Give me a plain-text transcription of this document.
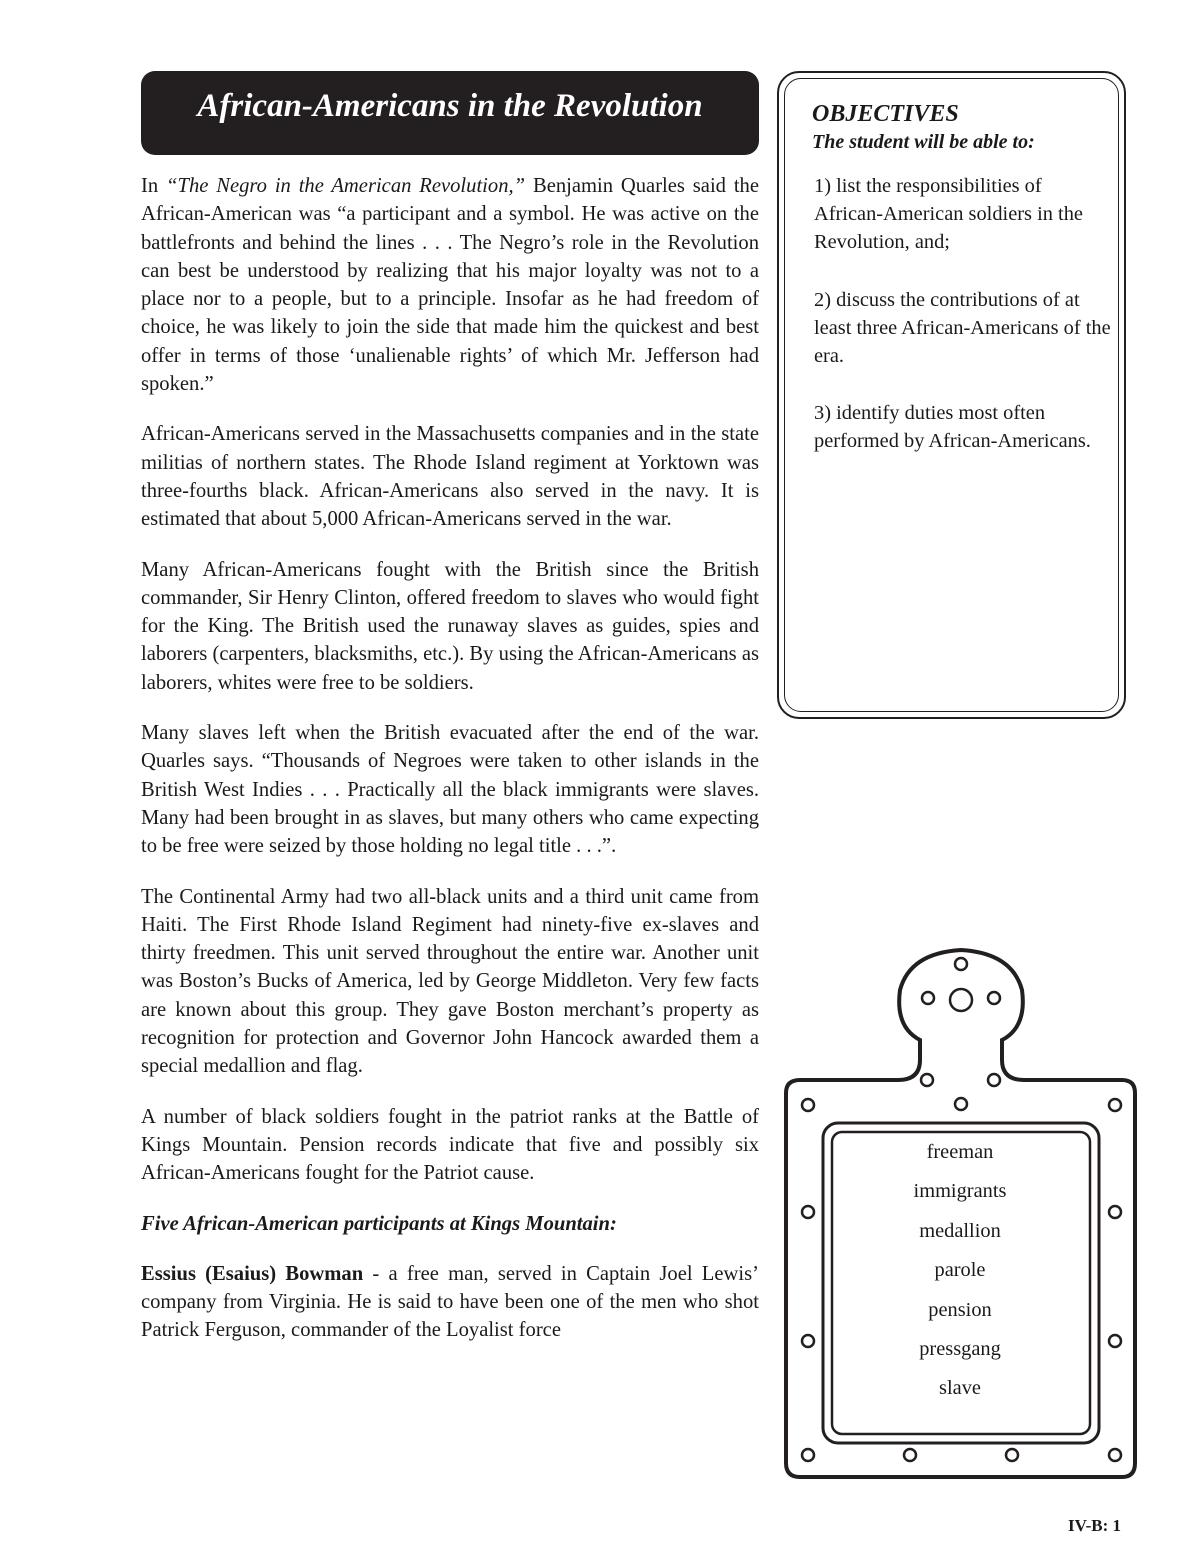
African-Americans in the Revolution

In “The Negro in the American Revolution,” Benjamin Quarles said the African-American was “a participant and a symbol. He was active on the battlefronts and behind the lines . . . The Negro’s role in the Revolution can best be understood by realizing that his major loyalty was not to a place nor to a people, but to a principle. Insofar as he had freedom of choice, he was likely to join the side that made him the quickest and best offer in terms of those ‘unalienable rights’ of which Mr. Jefferson had spoken.”

African-Americans served in the Massachusetts companies and in the state militias of northern states. The Rhode Island regiment at Yorktown was three-fourths black. African-Americans also served in the navy. It is estimated that about 5,000 African-Americans served in the war.

Many African-Americans fought with the British since the British commander, Sir Henry Clinton, offered freedom to slaves who would fight for the King. The British used the runaway slaves as guides, spies and laborers (carpenters, blacksmiths, etc.). By using the African-Americans as laborers, whites were free to be soldiers.

Many slaves left when the British evacuated after the end of the war. Quarles says. “Thousands of Negroes were taken to other islands in the British West Indies . . . Practically all the black immigrants were slaves. Many had been brought in as slaves, but many others who came expecting to be free were seized by those holding no legal title . . .”.

The Continental Army had two all-black units and a third unit came from Haiti. The First Rhode Island Regiment had ninety-five ex-slaves and thirty freedmen. This unit served throughout the entire war. Another unit was Boston’s Bucks of America, led by George Middleton. Very few facts are known about this group. They gave Boston merchant’s property as recognition for protection and Governor John Hancock awarded them a special medallion and flag.

A number of black soldiers fought in the patriot ranks at the Battle of Kings Mountain. Pension records indicate that five and possibly six African-Americans fought for the Patriot cause.

Five African-American participants at Kings Mountain:

Essius (Esaius) Bowman - a free man, served in Captain Joel Lewis’ company from Virginia. He is said to have been one of the men who shot Patrick Ferguson, commander of the Loyalist force

OBJECTIVES
The student will be able to:

1) list the responsibilities of African-American soldiers in the Revolution, and;

2) discuss the contributions of at least three African-Americans of the era.

3) identify duties most often performed by African-Americans.

freeman
immigrants
medallion
parole
pension
pressgang
slave
IV-B: 1
